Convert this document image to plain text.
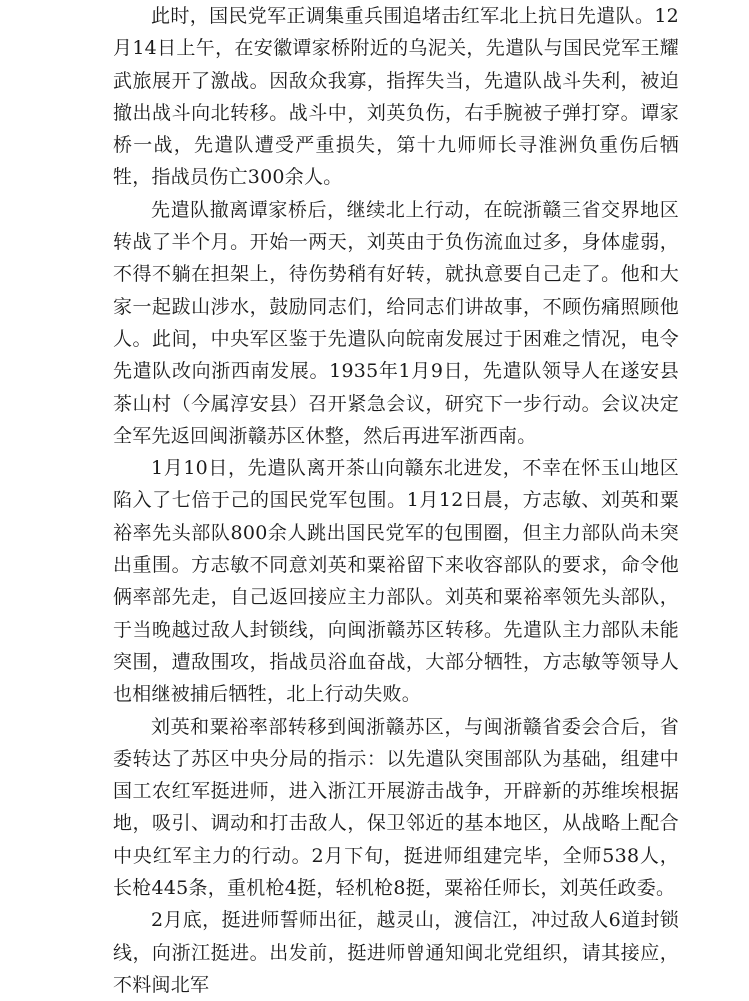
此时，国民党军正调集重兵围追堵击红军北上抗日先遣队。12月14日上午，在安徽谭家桥附近的乌泥关，先遣队与国民党军王耀武旅展开了激战。因敌众我寡，指挥失当，先遣队战斗失利，被迫撤出战斗向北转移。战斗中，刘英负伤，右手腕被子弹打穿。谭家桥一战，先遣队遭受严重损失，第十九师师长寻淮洲负重伤后牺牲，指战员伤亡300余人。

先遣队撤离谭家桥后，继续北上行动，在皖浙赣三省交界地区转战了半个月。开始一两天，刘英由于负伤流血过多，身体虚弱，不得不躺在担架上，待伤势稍有好转，就执意要自己走了。他和大家一起跋山涉水，鼓励同志们，给同志们讲故事，不顾伤痛照顾他人。此间，中央军区鉴于先遣队向皖南发展过于困难之情况，电令先遣队改向浙西南发展。1935年1月9日，先遣队领导人在遂安县茶山村（今属淳安县）召开紧急会议，研究下一步行动。会议决定全军先返回闽浙赣苏区休整，然后再进军浙西南。

1月10日，先遣队离开茶山向赣东北进发，不幸在怀玉山地区陷入了七倍于己的国民党军包围。1月12日晨，方志敏、刘英和粟裕率先头部队800余人跳出国民党军的包围圈，但主力部队尚未突出重围。方志敏不同意刘英和粟裕留下来收容部队的要求，命令他俩率部先走，自己返回接应主力部队。刘英和粟裕率领先头部队，于当晚越过敌人封锁线，向闽浙赣苏区转移。先遣队主力部队未能突围，遭敌围攻，指战员浴血奋战，大部分牺牲，方志敏等领导人也相继被捕后牺牲，北上行动失败。

刘英和粟裕率部转移到闽浙赣苏区，与闽浙赣省委会合后，省委转达了苏区中央分局的指示：以先遣队突围部队为基础，组建中国工农红军挺进师，进入浙江开展游击战争，开辟新的苏维埃根据地，吸引、调动和打击敌人，保卫邻近的基本地区，从战略上配合中央红军主力的行动。2月下旬，挺进师组建完毕，全师538人，长枪445条，重机枪4挺，轻机枪8挺，粟裕任师长，刘英任政委。

2月底，挺进师誓师出征，越灵山，渡信江，冲过敌人6道封锁线，向浙江挺进。出发前，挺进师曾通知闽北党组织，请其接应，不料闽北军
